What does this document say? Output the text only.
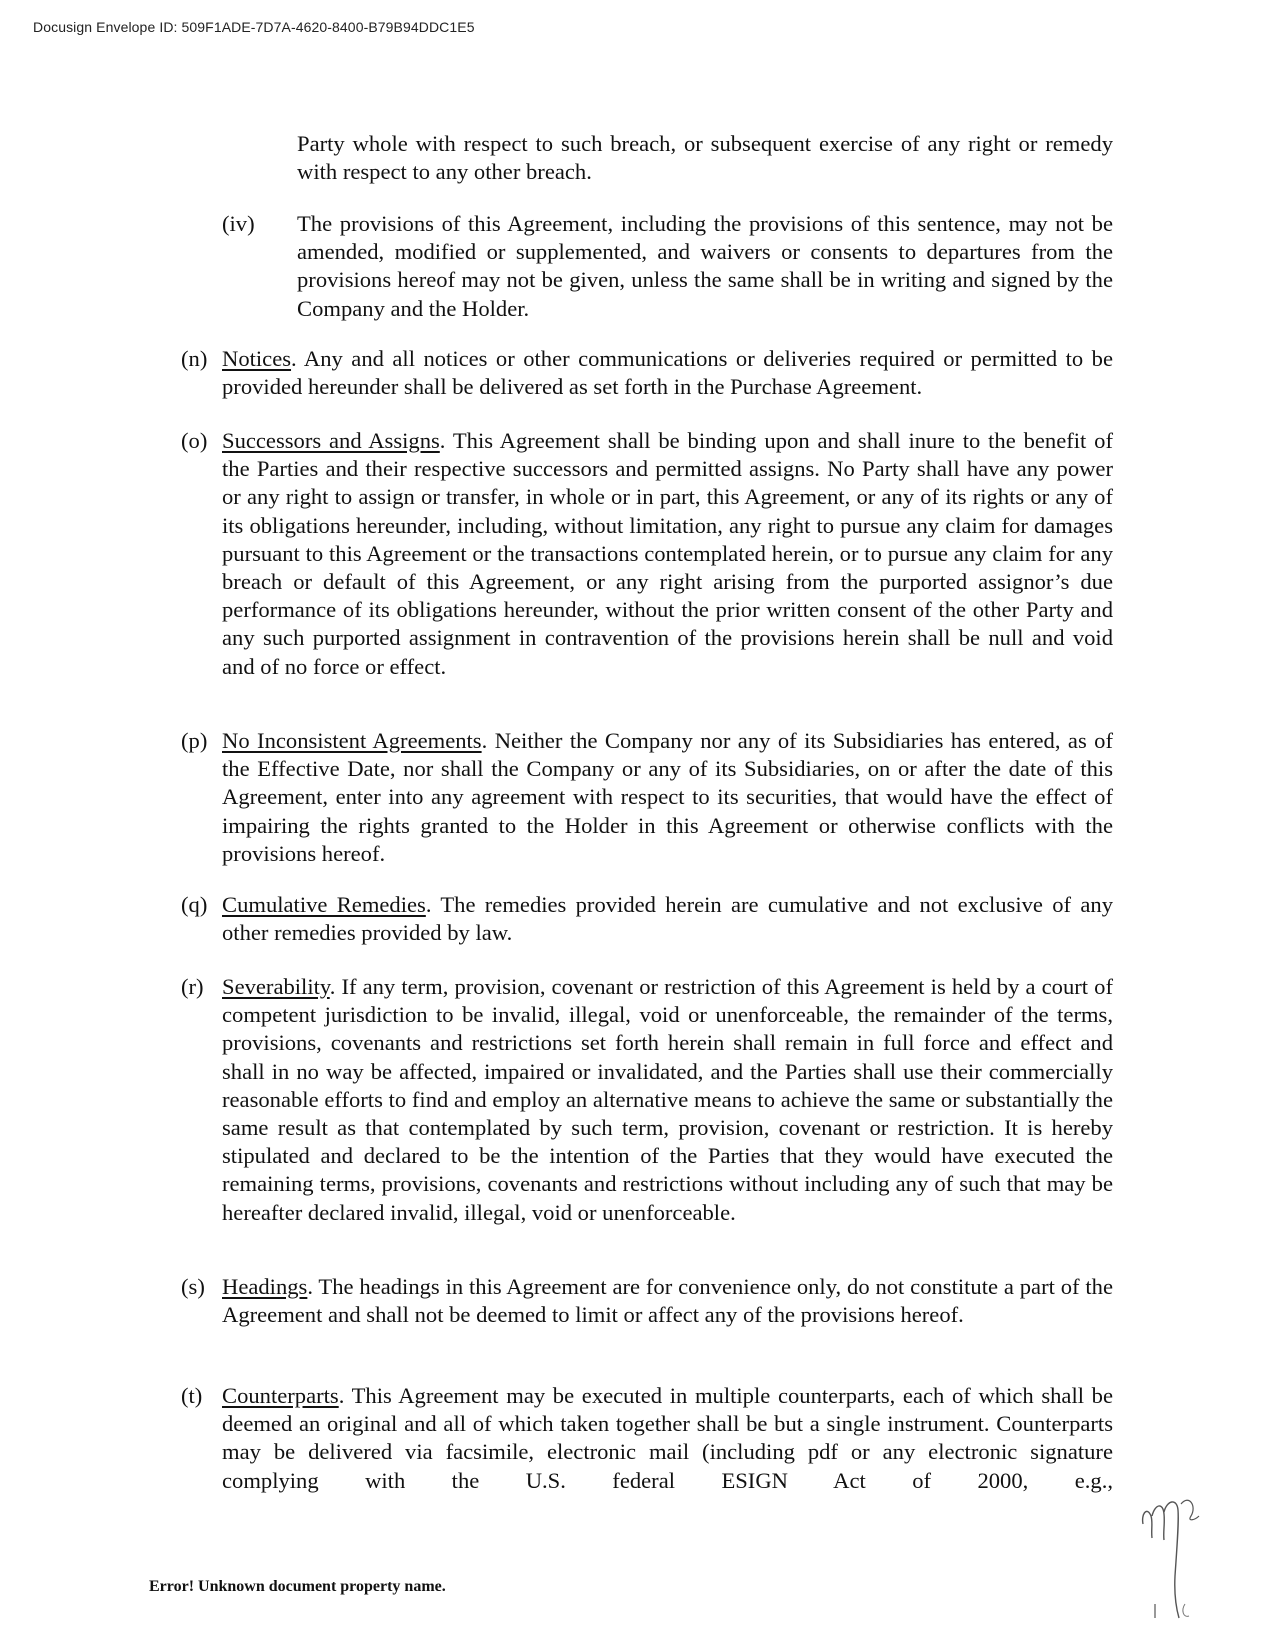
Docusign Envelope ID: 509F1ADE-7D7A-4620-8400-B79B94DDC1E5
Party whole with respect to such breach, or subsequent exercise of any right or remedy with respect to any other breach.
(iv) The provisions of this Agreement, including the provisions of this sentence, may not be amended, modified or supplemented, and waivers or consents to departures from the provisions hereof may not be given, unless the same shall be in writing and signed by the Company and the Holder.
(n) Notices. Any and all notices or other communications or deliveries required or permitted to be provided hereunder shall be delivered as set forth in the Purchase Agreement.
(o) Successors and Assigns. This Agreement shall be binding upon and shall inure to the benefit of the Parties and their respective successors and permitted assigns. No Party shall have any power or any right to assign or transfer, in whole or in part, this Agreement, or any of its rights or any of its obligations hereunder, including, without limitation, any right to pursue any claim for damages pursuant to this Agreement or the transactions contemplated herein, or to pursue any claim for any breach or default of this Agreement, or any right arising from the purported assignor’s due performance of its obligations hereunder, without the prior written consent of the other Party and any such purported assignment in contravention of the provisions herein shall be null and void and of no force or effect.
(p) No Inconsistent Agreements. Neither the Company nor any of its Subsidiaries has entered, as of the Effective Date, nor shall the Company or any of its Subsidiaries, on or after the date of this Agreement, enter into any agreement with respect to its securities, that would have the effect of impairing the rights granted to the Holder in this Agreement or otherwise conflicts with the provisions hereof.
(q) Cumulative Remedies. The remedies provided herein are cumulative and not exclusive of any other remedies provided by law.
(r) Severability. If any term, provision, covenant or restriction of this Agreement is held by a court of competent jurisdiction to be invalid, illegal, void or unenforceable, the remainder of the terms, provisions, covenants and restrictions set forth herein shall remain in full force and effect and shall in no way be affected, impaired or invalidated, and the Parties shall use their commercially reasonable efforts to find and employ an alternative means to achieve the same or substantially the same result as that contemplated by such term, provision, covenant or restriction. It is hereby stipulated and declared to be the intention of the Parties that they would have executed the remaining terms, provisions, covenants and restrictions without including any of such that may be hereafter declared invalid, illegal, void or unenforceable.
(s) Headings. The headings in this Agreement are for convenience only, do not constitute a part of the Agreement and shall not be deemed to limit or affect any of the provisions hereof.
(t) Counterparts. This Agreement may be executed in multiple counterparts, each of which shall be deemed an original and all of which taken together shall be but a single instrument. Counterparts may be delivered via facsimile, electronic mail (including pdf or any electronic signature complying with the U.S. federal ESIGN Act of 2000, e.g.,
Error! Unknown document property name.
